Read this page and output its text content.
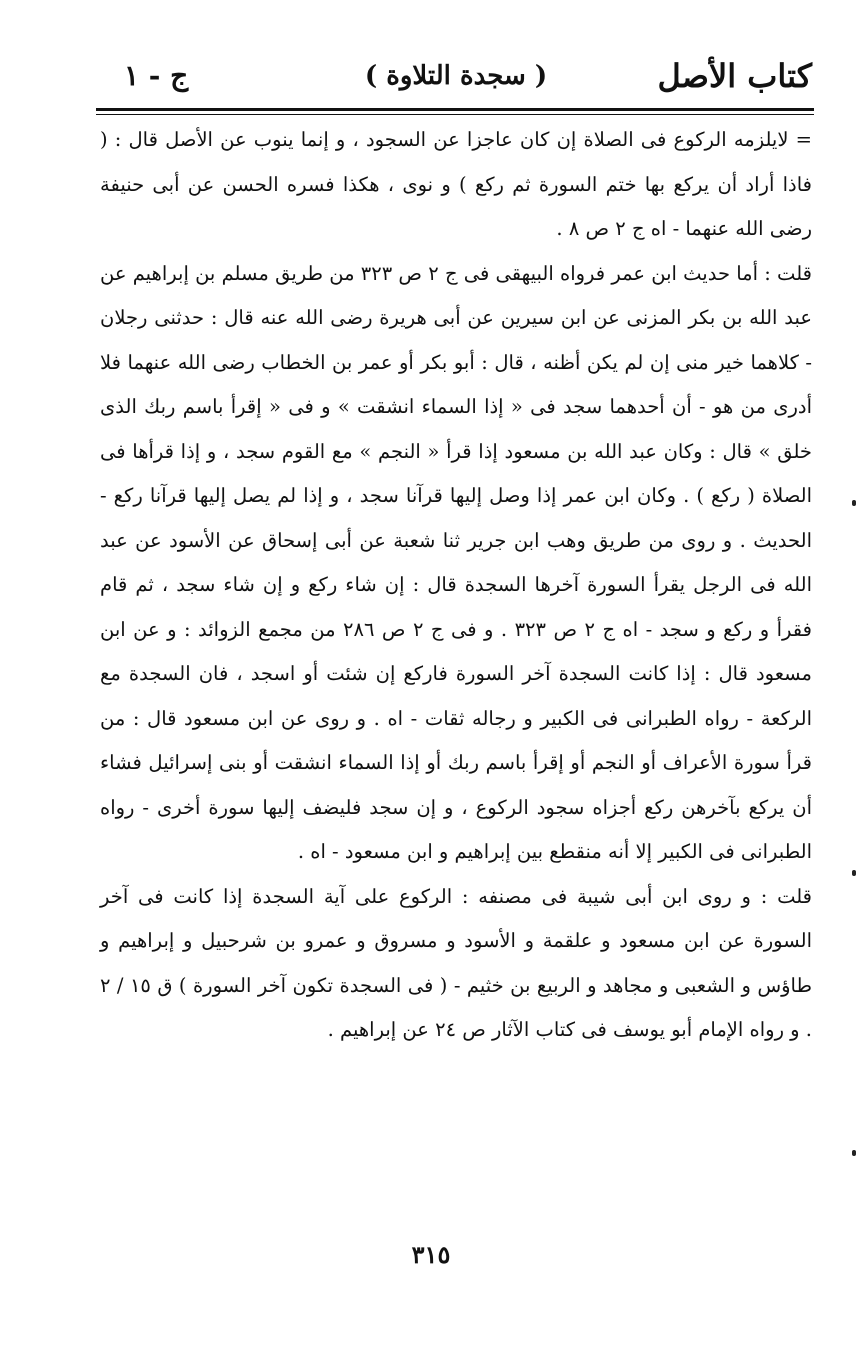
كتاب الأصل
( سجدة التلاوة )
ج - ١

= لايلزمه الركوع فى الصلاة إن كان عاجزا عن السجود ، و إنما ينوب عن الأصل قال : ( فاذا أراد أن يركع بها ختم السورة ثم ركع ) و نوى ، هكذا فسره الحسن عن أبى حنيفة رضى الله عنهما - اه ج ٢ ص ٨ .

قلت : أما حديث ابن عمر فرواه البيهقى فى ج ٢ ص ٣٢٣ من طريق مسلم بن إبراهيم عن عبد الله بن بكر المزنى عن ابن سيرين عن أبى هريرة رضى الله عنه قال : حدثنى رجلان - كلاهما خير منى إن لم يكن أظنه ، قال : أبو بكر أو عمر بن الخطاب رضى الله عنهما فلا أدرى من هو - أن أحدهما سجد فى « إذا السماء انشقت » و فى « إقرأ باسم ربك الذى خلق » قال : وكان عبد الله بن مسعود إذا قرأ « النجم » مع القوم سجد ، و إذا قرأها فى الصلاة ( ركع ) . وكان ابن عمر إذا وصل إليها قرآنا سجد ، و إذا لم يصل إليها قرآنا ركع - الحديث . و روى من طريق وهب ابن جرير ثنا شعبة عن أبى إسحاق عن الأسود عن عبد الله فى الرجل يقرأ السورة آخرها السجدة قال : إن شاء ركع و إن شاء سجد ، ثم قام فقرأ و ركع و سجد - اه ج ٢ ص ٣٢٣ . و فى ج ٢ ص ٢٨٦ من مجمع الزوائد : و عن ابن مسعود قال : إذا كانت السجدة آخر السورة فاركع إن شئت أو اسجد ، فان السجدة مع الركعة - رواه الطبرانى فى الكبير و رجاله ثقات - اه . و روى عن ابن مسعود قال : من قرأ سورة الأعراف أو النجم أو إقرأ باسم ربك أو إذا السماء انشقت أو بنى إسرائيل فشاء أن يركع بآخرهن ركع أجزاه سجود الركوع ، و إن سجد فليضف إليها سورة أخرى - رواه الطبرانى فى الكبير إلا أنه منقطع بين إبراهيم و ابن مسعود - اه .

قلت : و روى ابن أبى شيبة فى مصنفه : الركوع على آية السجدة إذا كانت فى آخر السورة عن ابن مسعود و علقمة و الأسود و مسروق و عمرو بن شرحبيل و إبراهيم و طاؤس و الشعبى و مجاهد و الربيع بن خثيم - ( فى السجدة تكون آخر السورة ) ق ١٥ / ٢ . و رواه الإمام أبو يوسف فى كتاب الآثار ص ٢٤ عن إبراهيم .

٣١٥
